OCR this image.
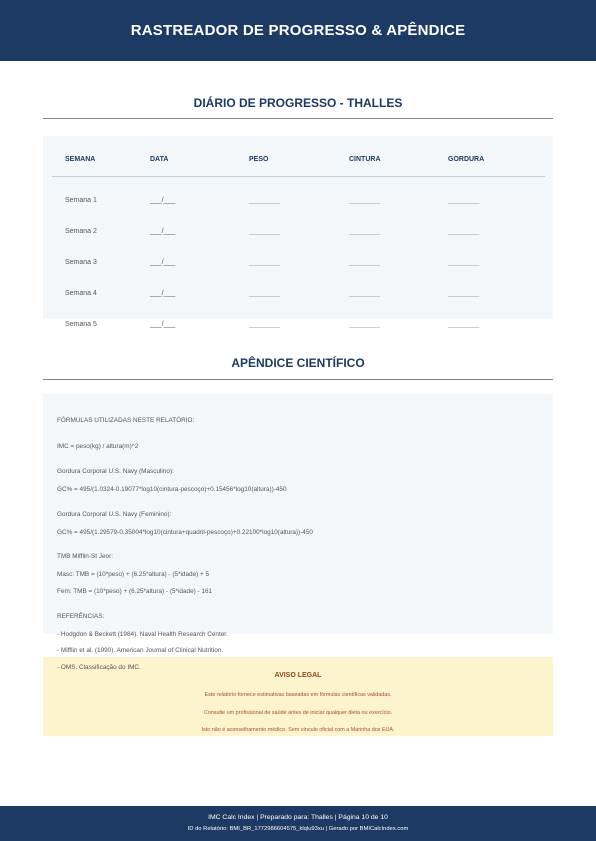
RASTREADOR DE PROGRESSO & APÊNDICE
DIÁRIO DE PROGRESSO - THALLES
SEMANA	DATA	PESO	CINTURA	GORDURA
Semana 1	___/___	________	________	________
Semana 2	___/___	________	________	________
Semana 3	___/___	________	________	________
Semana 4	___/___	________	________	________
Semana 5	___/___	________	________	________
APÊNDICE CIENTÍFICO
FÓRMULAS UTILIZADAS NESTE RELATÓRIO:
IMC = peso(kg) / altura(m)^2
Gordura Corporal U.S. Navy (Masculino):
GC% = 495/(1.0324-0.19077*log10(cintura-pescoço)+0.15456*log10(altura))-450
Gordura Corporal U.S. Navy (Feminino):
GC% = 495/(1.29579-0.35004*log10(cintura+quadril-pescoço)+0.22100*log10(altura))-450
TMB Mifflin-St Jeor:
Masc: TMB = (10*peso) + (6.25*altura) - (5*idade) + 5
Fem: TMB = (10*peso) + (6.25*altura) - (5*idade) - 161
REFERÊNCIAS:
- Hodgdon & Beckett (1984). Naval Health Research Center.
- Mifflin et al. (1990). American Journal of Clinical Nutrition.
- OMS. Classificação do IMC.
AVISO LEGAL
Este relatório fornece estimativas baseadas em fórmulas científicas validadas.
Consulte um profissional de saúde antes de iniciar qualquer dieta ou exercício.
Isto não é aconselhamento médico. Sem vínculo oficial com a Marinha dos EUA.
IMC Calc Index | Preparado para: Thalles | Página 10 de 10
ID do Relatório: BMI_BR_1772986604575_klqlu93xu | Gerado por BMICalcIndex.com
